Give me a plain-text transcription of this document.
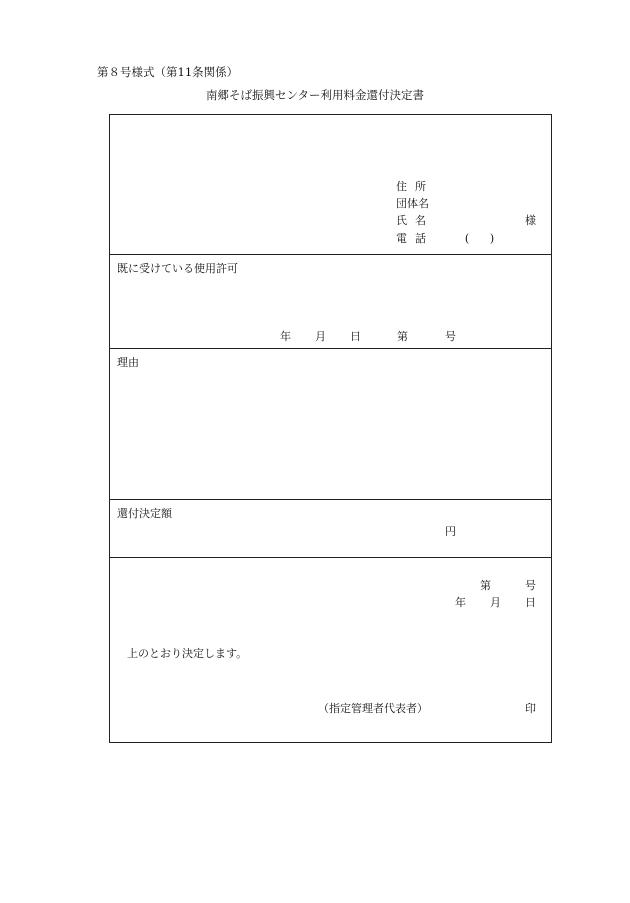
第８号様式（第11条関係）
南郷そば振興センター利用料金還付決定書
住所
団体名
氏名	様
電話	(	)
既に受けている使用許可
年 月 日	第	号
理由
還付決定額
円
第	号
年 月 日
上のとおり決定します。
（指定管理者代表者）	印
